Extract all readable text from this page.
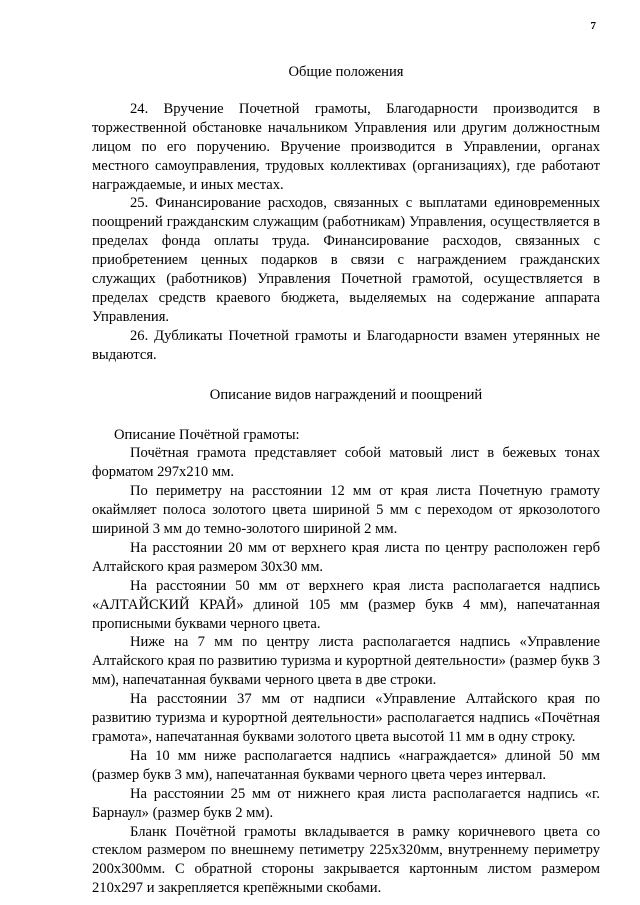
7

Общие положения

24. Вручение Почетной грамоты, Благодарности производится в торжественной обстановке начальником Управления или другим должностным лицом по его поручению. Вручение производится в Управлении, органах местного самоуправления, трудовых коллективах (организациях), где работают награждаемые, и иных местах.

25. Финансирование расходов, связанных с выплатами единовременных поощрений гражданским служащим (работникам) Управления, осуществляется в пределах фонда оплаты труда. Финансирование расходов, связанных с приобретением ценных подарков в связи с награждением гражданских служащих (работников) Управления Почетной грамотой, осуществляется в пределах средств краевого бюджета, выделяемых на содержание аппарата Управления.

26. Дубликаты Почетной грамоты и Благодарности взамен утерянных не выдаются.

Описание видов награждений и поощрений

Описание Почётной грамоты:

Почётная грамота представляет собой матовый лист в бежевых тонах форматом 297x210 мм.

По периметру на расстоянии 12 мм от края листа Почетную грамоту окаймляет полоса золотого цвета шириной 5 мм с переходом от яркозолотого шириной 3 мм до темно-золотого шириной 2 мм.

На расстоянии 20 мм от верхнего края листа по центру расположен герб Алтайского края размером 30x30 мм.

На расстоянии 50 мм от верхнего края листа располагается надпись «АЛТАЙСКИЙ КРАЙ» длиной 105 мм (размер букв 4 мм), напечатанная прописными буквами черного цвета.

Ниже на 7 мм по центру листа располагается надпись «Управление Алтайского края по развитию туризма и курортной деятельности» (размер букв 3 мм), напечатанная буквами черного цвета в две строки.

На расстоянии 37 мм от надписи «Управление Алтайского края по развитию туризма и курортной деятельности» располагается надпись «Почётная грамота», напечатанная буквами золотого цвета высотой 11 мм в одну строку.

На 10 мм ниже располагается надпись «награждается» длиной 50 мм (размер букв 3 мм), напечатанная буквами черного цвета через интервал.

На расстоянии 25 мм от нижнего края листа располагается надпись «г. Барнаул» (размер букв 2 мм).

Бланк Почётной грамоты вкладывается в рамку коричневого цвета со стеклом размером по внешнему петиметру 225x320мм, внутреннему периметру 200x300мм. С обратной стороны закрывается картонным листом размером 210x297 и закрепляется крепёжными скобами.
